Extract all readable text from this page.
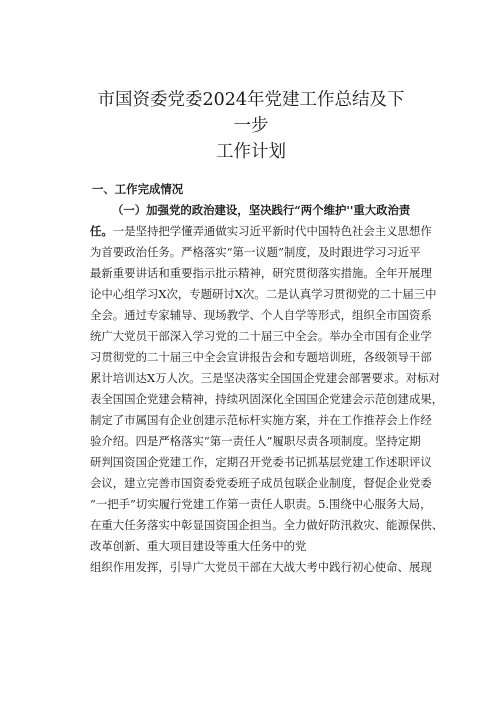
市国资委党委2024年党建工作总结及下一步
工作计划

一、工作完成情况

（一）加强党的政治建设，坚决践行“两个维护''重大政治责
任。一是坚持把学懂弄通做实习近平新时代中国特色社会主义思想作
为首要政治任务。严格落实“第一议题”制度，及时跟进学习习近平
最新重要讲话和重要指示批示精神，研究贯彻落实措施。全年开展理
论中心组学习X次，专题研讨X次。二是认真学习贯彻党的二十届三中
全会。通过专家辅导、现场教学、个人自学等形式，组织全市国资系
统广大党员干部深入学习党的二十届三中全会。举办全市国有企业学
习贯彻党的二十届三中全会宣讲报告会和专题培训班，各级领导干部
累计培训达X万人次。三是坚决落实全国国企党建会部署要求。对标对
表全国国企党建会精神，持续巩固深化全国国企党建会示范创建成果，
制定了市属国有企业创建示范标杆实施方案，并在工作推荐会上作经
验介绍。四是严格落实“第一责任人”履职尽责各项制度。坚持定期
研判国资国企党建工作，定期召开党委书记抓基层党建工作述职评议
会议，建立完善市国资委党委班子成员包联企业制度，督促企业党委
“一把手”切实履行党建工作第一责任人职责。5.围绕中心服务大局，
在重大任务落实中彰显国资国企担当。全力做好防汛救灾、能源保供、
改革创新、重大项目建设等重大任务中的党
组织作用发挥，引导广大党员干部在大战大考中践行初心使命、展现
